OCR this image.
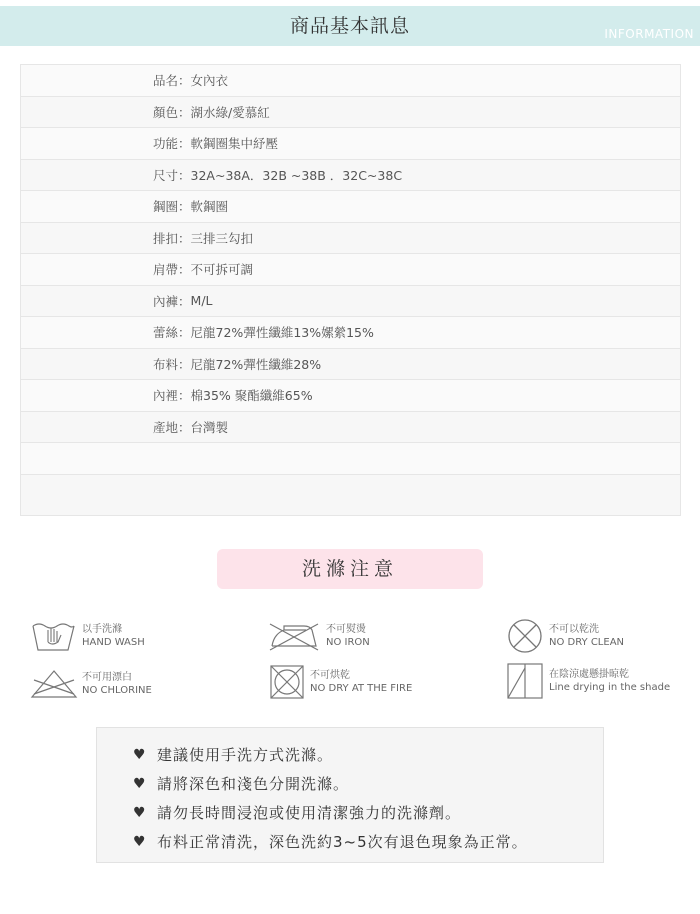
商品基本訊息	INFORMATION
品名 ： 女內衣
顏色 ： 湖水綠/愛慕紅
功能 ： 軟鋼圈集中紓壓
尺寸 ： 32A~38A．32B ~38B ．32C~38C
鋼圈 ： 軟鋼圈
排扣 ： 三排三勾扣
肩帶 ： 不可拆可調
內褲 ： M/L
蕾絲 ： 尼龍72%彈性纖維13%嫘縈15%
布料 ： 尼龍72%彈性纖維28%
內裡 ： 棉35% 聚酯纖維65%
產地 ： 台灣製
洗滌注意
以手洗滌
HAND WASH
不可熨燙
NO IRON
不可以乾洗
NO DRY CLEAN
不可用漂白
NO CHLORINE
不可烘乾
NO DRY AT THE FIRE
在陰涼處懸掛晾乾
Line drying in the shade
♥ 建議使用手洗方式洗滌。
♥ 請將深色和淺色分開洗滌。
♥ 請勿長時間浸泡或使用清潔強力的洗滌劑。
♥ 布料正常清洗，深色洗約3~5次有退色現象為正常。
